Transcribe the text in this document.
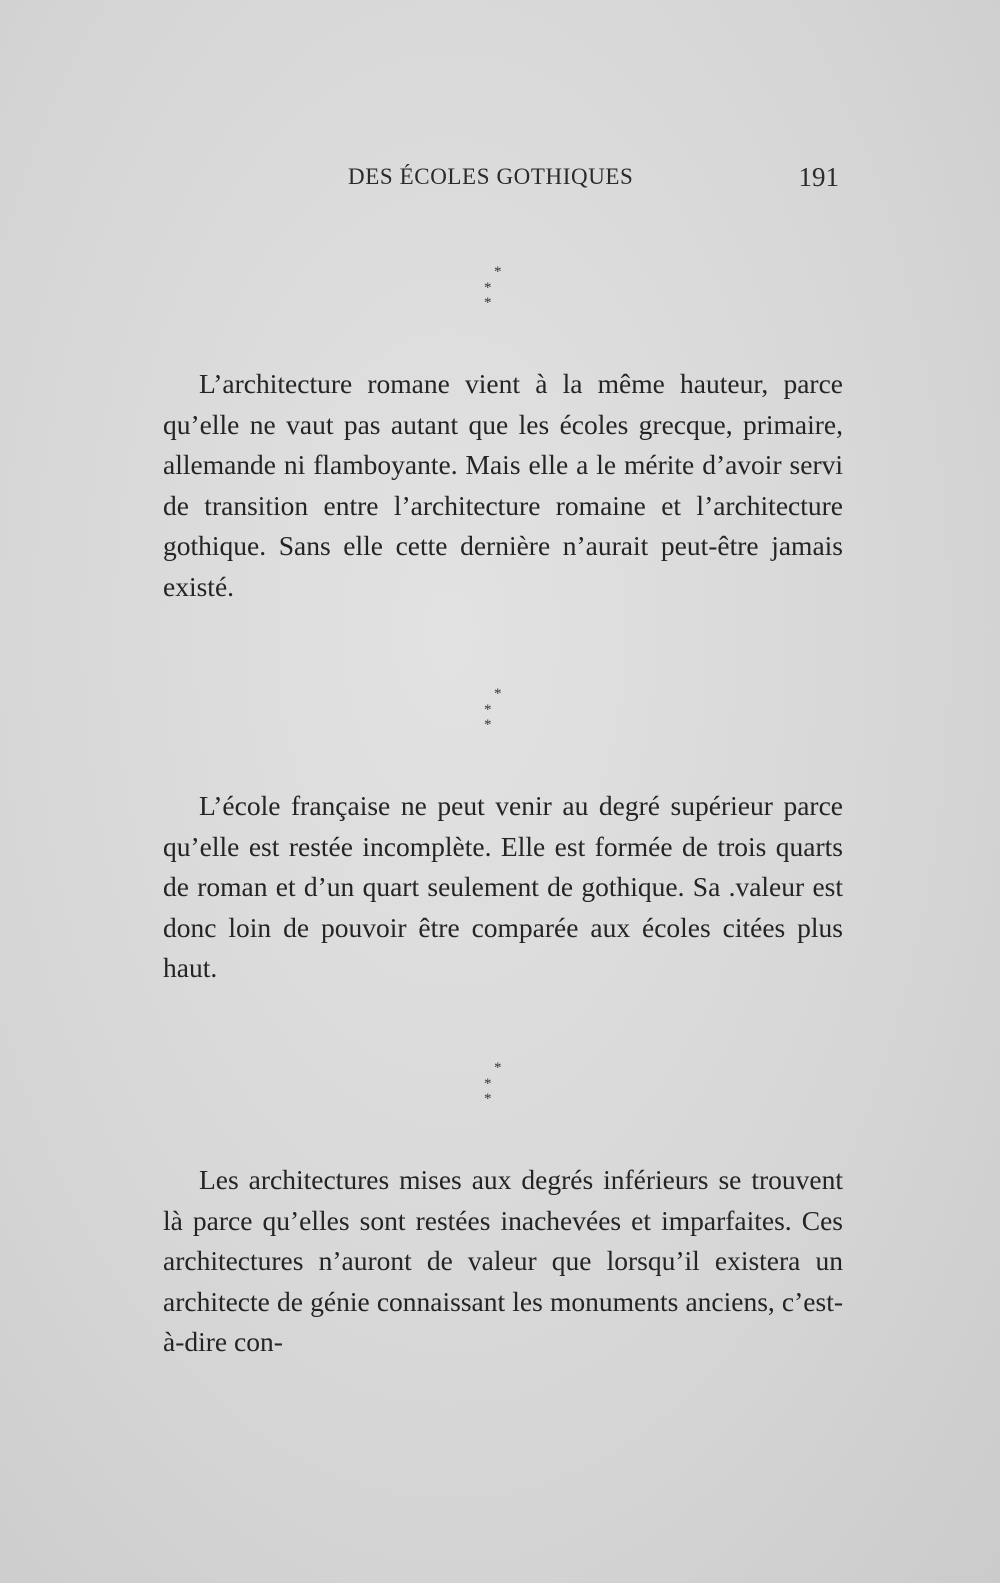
DES ÉCOLES GOTHIQUES	191
*
* *

L’architecture romane vient à la même hauteur, parce qu’elle ne vaut pas autant que les écoles grecque, primaire, allemande ni flamboyante. Mais elle a le mérite d’avoir servi de transition entre l’architecture romaine et l’architecture gothique. Sans elle cette dernière n’aurait peut-être jamais existé.

*
* *

L’école française ne peut venir au degré supérieur parce qu’elle est restée incomplète. Elle est formée de trois quarts de roman et d’un quart seulement de gothique. Sa .valeur est donc loin de pouvoir être comparée aux écoles citées plus haut.

*
* *

Les architectures mises aux degrés inférieurs se trouvent là parce qu’elles sont restées inachevées et imparfaites. Ces architectures n’auront de valeur que lorsqu’il existera un architecte de génie connaissant les monuments anciens, c’est-à-dire con-
